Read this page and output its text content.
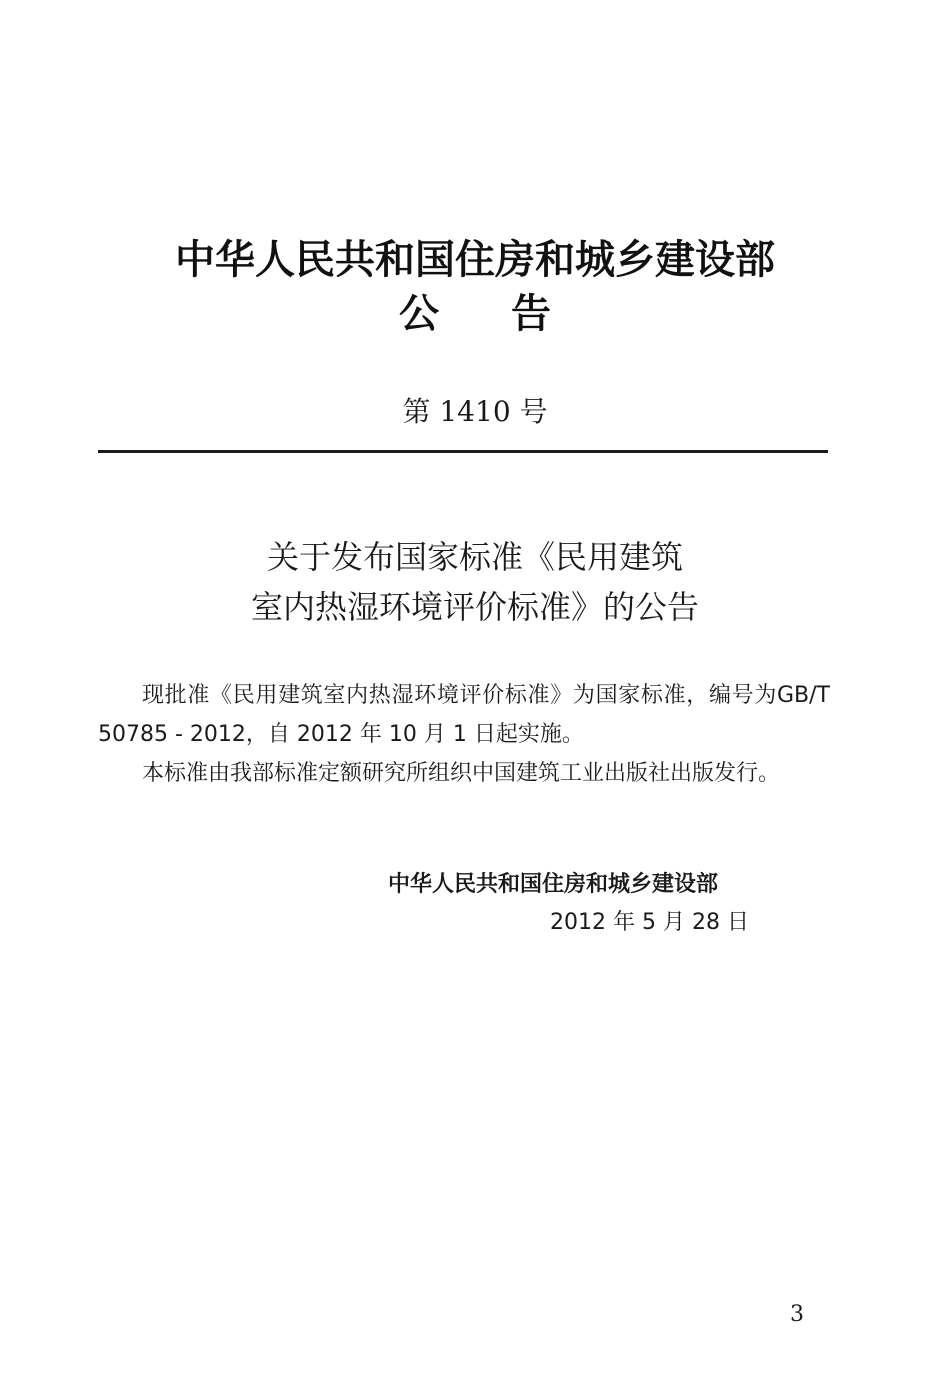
中华人民共和国住房和城乡建设部
公告
第 1410 号
关于发布国家标准《民用建筑
室内热湿环境评价标准》的公告

现批准《民用建筑室内热湿环境评价标准》为国家标准，编号为GB/T 50785 - 2012，自 2012 年 10 月 1 日起实施。

本标准由我部标准定额研究所组织中国建筑工业出版社出版发行。

中华人民共和国住房和城乡建设部
2012 年 5 月 28 日
3
